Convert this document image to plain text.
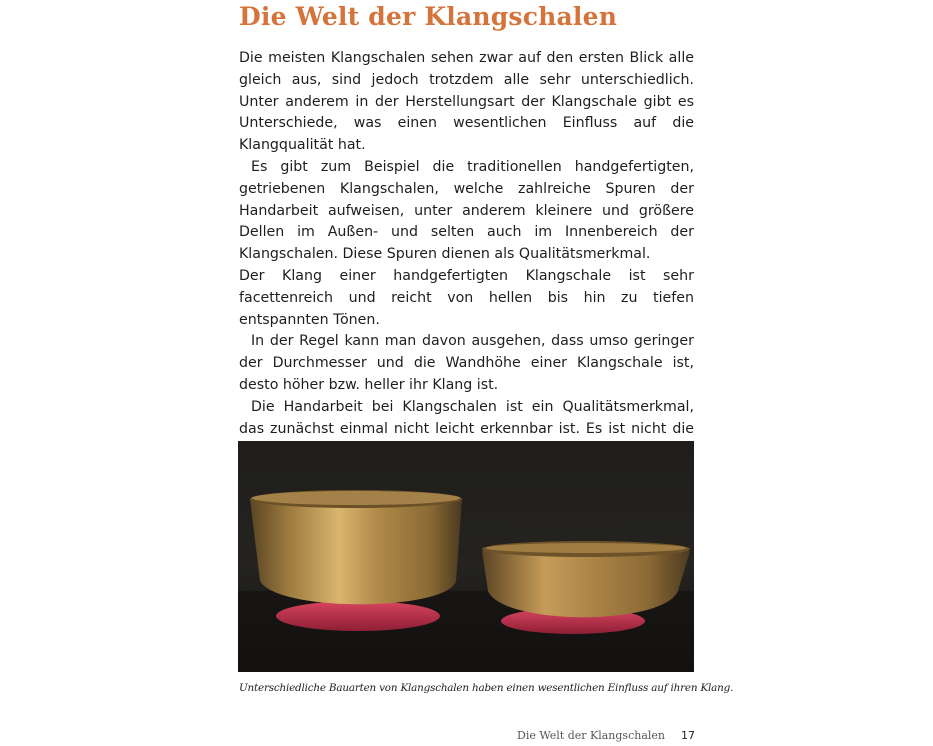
Die Welt der Klangschalen

Die meisten Klangschalen sehen zwar auf den ersten Blick alle gleich aus, sind jedoch trotzdem alle sehr unterschiedlich. Unter anderem in der Herstellungsart der Klangschale gibt es Unterschiede, was einen wesentlichen Einfluss auf die Klangqualität hat.

Es gibt zum Beispiel die traditionellen handgefertigten, getriebenen Klangschalen, welche zahlreiche Spuren der Handarbeit aufweisen, unter anderem kleinere und größere Dellen im Außen- und selten auch im Innenbereich der Klangschalen. Diese Spuren dienen als Qualitätsmerkmal.

Der Klang einer handgefertigten Klangschale ist sehr facettenreich und reicht von hellen bis hin zu tiefen entspannten Tönen.

In der Regel kann man davon ausgehen, dass umso geringer der Durchmesser und die Wandhöhe einer Klangschale ist, desto höher bzw. heller ihr Klang ist.

Die Handarbeit bei Klangschalen ist ein Qualitätsmerkmal, das zunächst einmal nicht leicht erkennbar ist. Es ist nicht die

Unterschiedliche Bauarten von Klangschalen haben einen wesentlichen Einfluss auf ihren Klang.
Die Welt der Klangschalen 17
